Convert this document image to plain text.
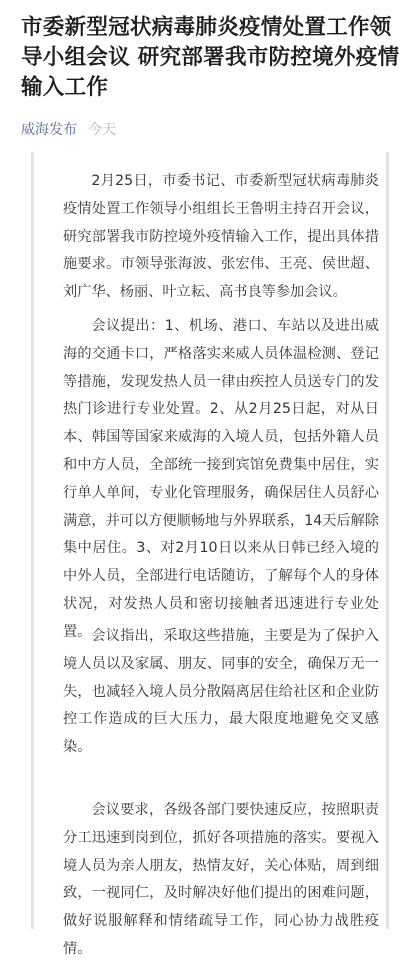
市委新型冠状病毒肺炎疫情处置工作领导小组会议 研究部署我市防控境外疫情输入工作
威海发布 今天

2月25日，市委书记、市委新型冠状病毒肺炎疫情处置工作领导小组组长王鲁明主持召开会议，研究部署我市防控境外疫情输入工作，提出具体措施要求。市领导张海波、张宏伟、王亮、侯世超、刘广华、杨丽、叶立耘、高书良等参加会议。

会议提出：1、机场、港口、车站以及进出威海的交通卡口，严格落实来威人员体温检测、登记等措施，发现发热人员一律由疾控人员送专门的发热门诊进行专业处置。2、从2月25日起，对从日本、韩国等国家来威海的入境人员，包括外籍人员和中方人员，全部统一接到宾馆免费集中居住，实行单人单间，专业化管理服务，确保居住人员舒心满意，并可以方便顺畅地与外界联系，14天后解除集中居住。3、对2月10日以来从日韩已经入境的中外人员，全部进行电话随访，了解每个人的身体状况，对发热人员和密切接触者迅速进行专业处置。 会议指出，采取这些措施，主要是为了保护入境人员以及家属、朋友、同事的安全，确保万无一失，也减轻入境人员分散隔离居住给社区和企业防控工作造成的巨大压力，最大限度地避免交叉感染。

会议要求，各级各部门要快速反应，按照职责分工迅速到岗到位，抓好各项措施的落实。要视入境人员为亲人朋友，热情友好，关心体贴，周到细致，一视同仁，及时解决好他们提出的困难问题，做好说服解释和情绪疏导工作，同心协力战胜疫情。
